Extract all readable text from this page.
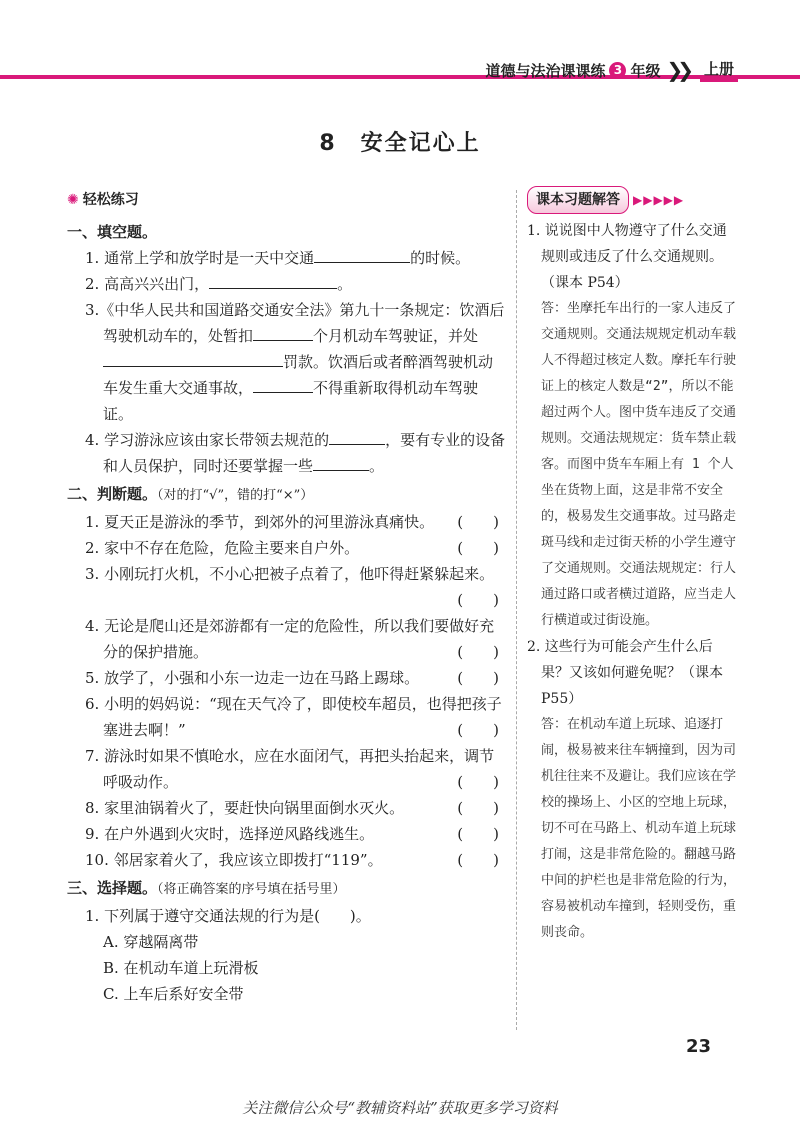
道德与法治课课练 3 年级 ❯❯ 上册
8　安全记心上
✺ 轻松练习
一、填空题。
1. 通常上学和放学时是一天中交通	的时候。
2. 高高兴兴出门，	。
3.《中华人民共和国道路交通安全法》第九十一条规定：饮酒后驾驶机动车的，处暂扣	个月机动车驾驶证，并处罚款。饮酒后或者醉酒驾驶机动车发生重大交通事故，	不得重新取得机动车驾驶证。
4. 学习游泳应该由家长带领去规范的	，要有专业的设备和人员保护，同时还要掌握一些	。
二、判断题。（对的打“√”，错的打“×”）
1. 夏天正是游泳的季节，到郊外的河里游泳真痛快。 (　　)
2. 家中不存在危险，危险主要来自户外。	(　　)
3. 小刚玩打火机，不小心把被子点着了，他吓得赶紧躲起来。
(　　)
4. 无论是爬山还是郊游都有一定的危险性，所以我们要做好充分的保护措施。	(　　)
5. 放学了，小强和小东一边走一边在马路上踢球。	(　　)
6. 小明的妈妈说：“现在天气冷了，即使校车超员，也得把孩子塞进去啊！”	(　　)
7. 游泳时如果不慎呛水，应在水面闭气，再把头抬起来，调节呼吸动作。	(　　)
8. 家里油锅着火了，要赶快向锅里面倒水灭火。	(　　)
9. 在户外遇到火灾时，选择逆风路线逃生。	(　　)
10. 邻居家着火了，我应该立即拨打“119”。	(　　)
三、选择题。（将正确答案的序号填在括号里）
1. 下列属于遵守交通法规的行为是(　　)。
A. 穿越隔离带
B. 在机动车道上玩滑板
C. 上车后系好安全带
课本习题解答	▶▶▶▶▶
1. 说说图中人物遵守了什么交通规则或违反了什么交通规则。（课本 P54）
答：坐摩托车出行的一家人违反了交通规则。交通法规规定机动车载人不得超过核定人数。摩托车行驶证上的核定人数是“2”，所以不能超过两个人。图中货车违反了交通规则。交通法规规定：货车禁止载客。而图中货车车厢上有 1 个人坐在货物上面，这是非常不安全的，极易发生交通事故。过马路走斑马线和走过街天桥的小学生遵守了交通规则。交通法规规定：行人通过路口或者横过道路，应当走人行横道或过街设施。
2. 这些行为可能会产生什么后果？又该如何避免呢？（课本 P55）
答：在机动车道上玩球、追逐打闹，极易被来往车辆撞到，因为司机往往来不及避让。我们应该在学校的操场上、小区的空地上玩球，切不可在马路上、机动车道上玩球打闹，这是非常危险的。翻越马路中间的护栏也是非常危险的行为，容易被机动车撞到，轻则受伤，重则丧命。
23
关注微信公众号“教辅资料站”获取更多学习资料
